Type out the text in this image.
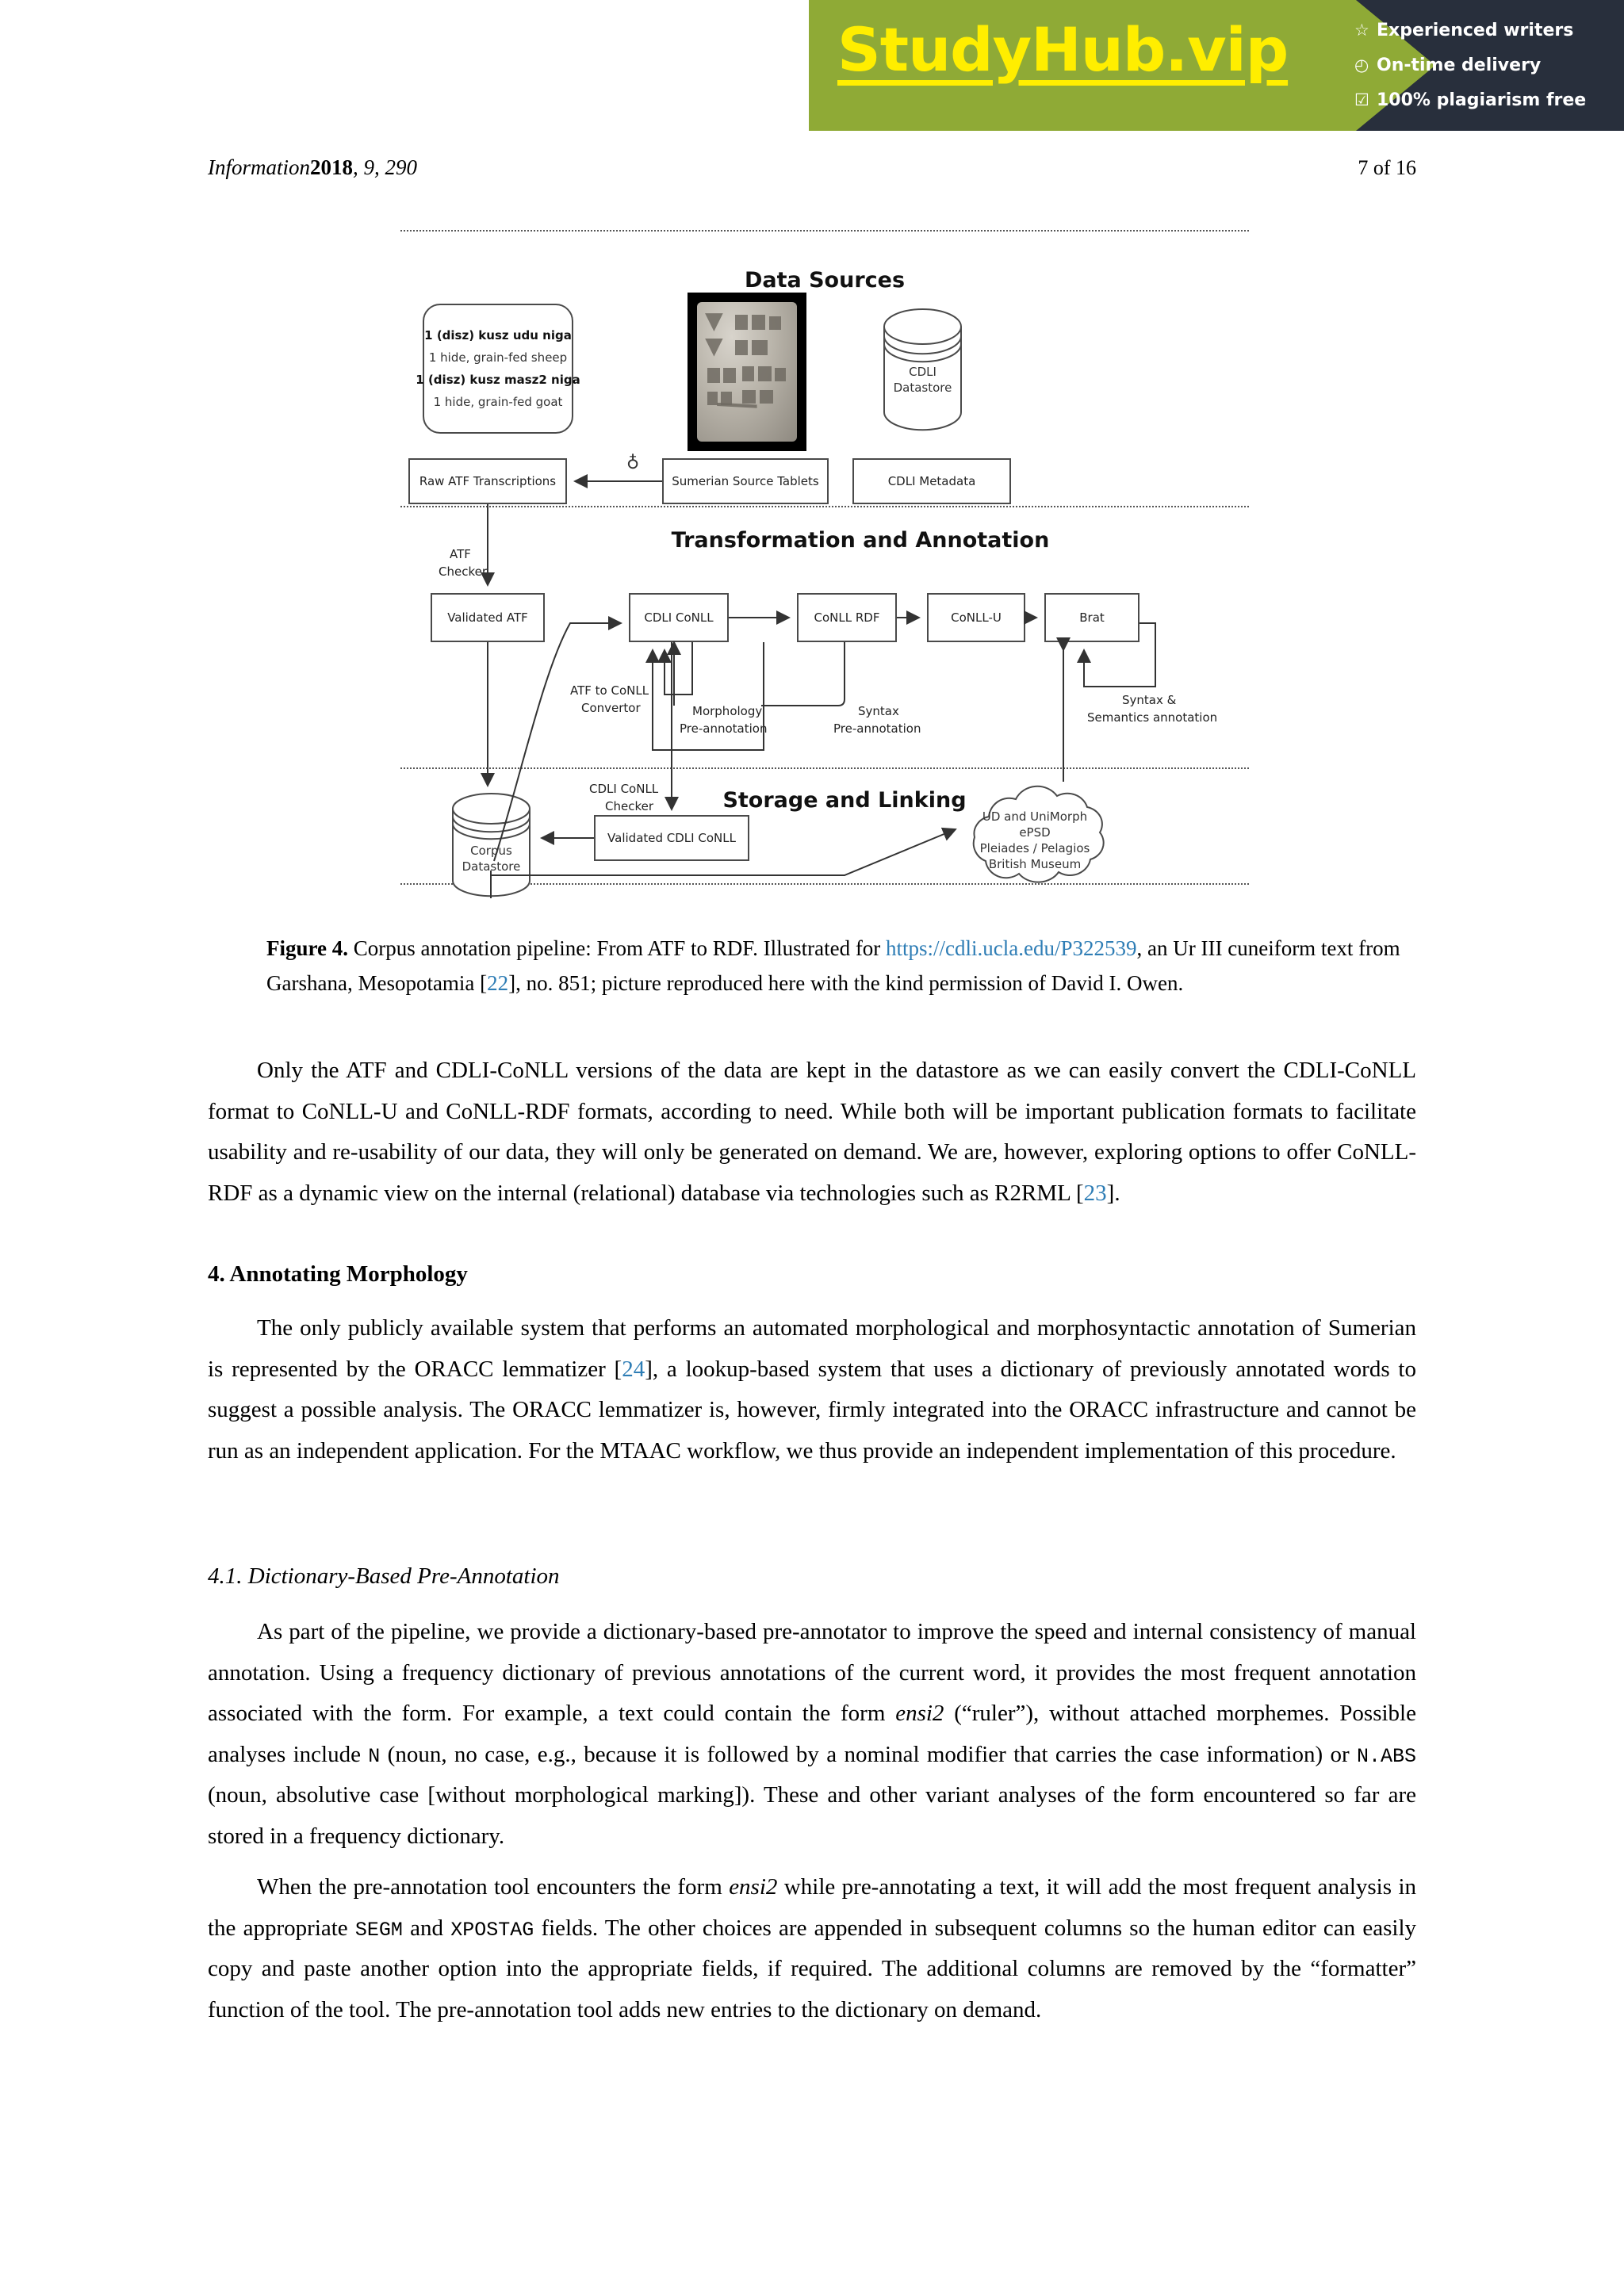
StudyHub.vip	☆ Experienced writers
◴ On-time delivery
☑ 100% plagiarism free
Information2018, 9, 290	7 of 16
Data Sources
Transformation and Annotation
Storage and Linking
1 (disz) kusz udu niga
1 hide, grain-fed sheep
1 (disz) kusz masz2 niga
1 hide, grain-fed goat
CDLI
Datastore
Raw ATF Transcriptions	Sumerian Source Tablets	CDLI Metadata
♁
Validated ATF	CDLI CoNLL	CoNLL RDF	CoNLL-U	Brat
Corpus
Datastore
Validated CDLI CoNLL
UD and UniMorph
ePSD
Pleiades / Pelagios
British Museum
ATF
Checker
ATF to CoNLL
Convertor	Morphology
Pre-annotation
Syntax
Pre-annotation
Syntax &
Semantics annotation
CDLI CoNLL
Checker
Figure 4. Corpus annotation pipeline: From ATF to RDF. Illustrated for https://cdli.ucla.edu/P322539, an Ur III cuneiform text from Garshana, Mesopotamia [22], no. 851; picture reproduced here with the kind permission of David I. Owen.

Only the ATF and CDLI-CoNLL versions of the data are kept in the datastore as we can easily convert the CDLI-CoNLL format to CoNLL-U and CoNLL-RDF formats, according to need. While both will be important publication formats to facilitate usability and re-usability of our data, they will only be generated on demand. We are, however, exploring options to offer CoNLL-RDF as a dynamic view on the internal (relational) database via technologies such as R2RML [23].

4. Annotating Morphology

The only publicly available system that performs an automated morphological and morphosyntactic annotation of Sumerian is represented by the ORACC lemmatizer [24], a lookup-based system that uses a dictionary of previously annotated words to suggest a possible analysis. The ORACC lemmatizer is, however, firmly integrated into the ORACC infrastructure and cannot be run as an independent application. For the MTAAC workflow, we thus provide an independent implementation of this procedure.

4.1. Dictionary-Based Pre-Annotation

As part of the pipeline, we provide a dictionary-based pre-annotator to improve the speed and internal consistency of manual annotation. Using a frequency dictionary of previous annotations of the current word, it provides the most frequent annotation associated with the form. For example, a text could contain the form ensi2 (“ruler”), without attached morphemes. Possible analyses include N (noun, no case, e.g., because it is followed by a nominal modifier that carries the case information) or N.ABS (noun, absolutive case [without morphological marking]). These and other variant analyses of the form encountered so far are stored in a frequency dictionary.

When the pre-annotation tool encounters the form ensi2 while pre-annotating a text, it will add the most frequent analysis in the appropriate SEGM and XPOSTAG fields. The other choices are appended in subsequent columns so the human editor can easily copy and paste another option into the appropriate fields, if required. The additional columns are removed by the “formatter” function of the tool. The pre-annotation tool adds new entries to the dictionary on demand.
